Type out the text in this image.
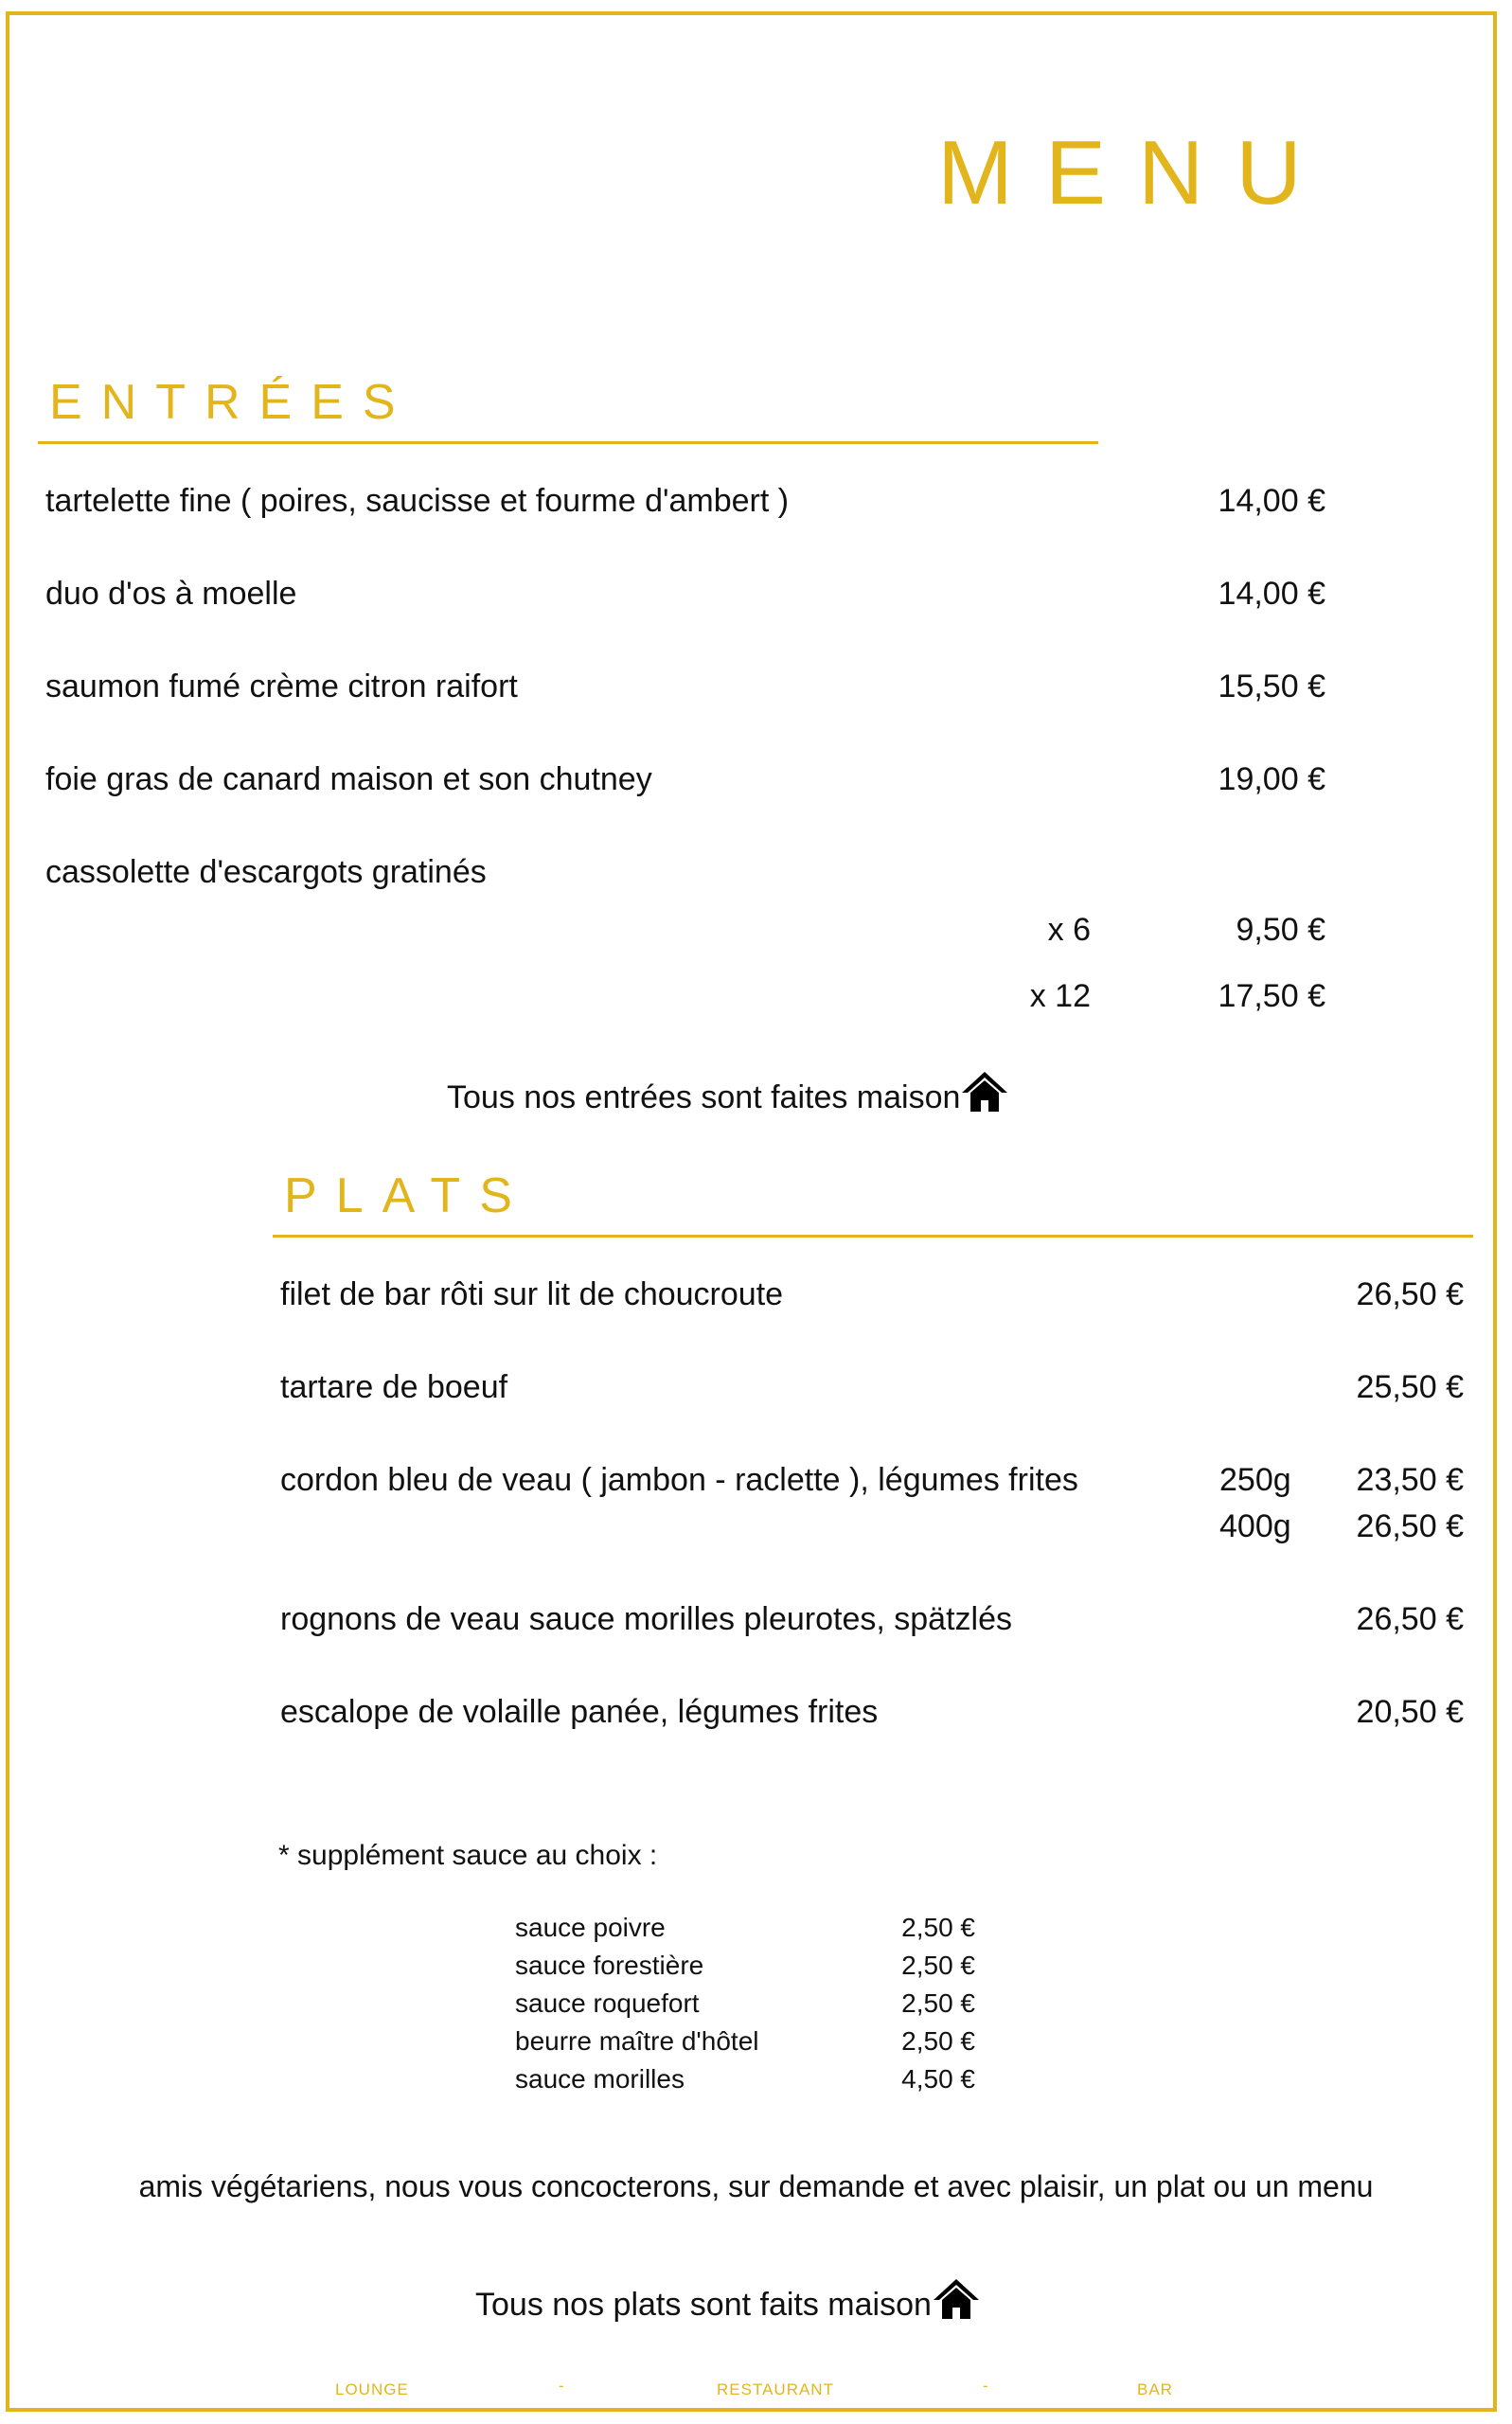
MENU
ENTRÉES
tartelette fine ( poires, saucisse et fourme d'ambert )	14,00 €
duo d'os à moelle	14,00 €
saumon fumé crème citron raifort	15,50 €
foie gras de canard maison et son chutney	19,00 €
cassolette d'escargots gratinés
x 6	9,50 €
x 12	17,50 €
Tous nos entrées sont faites maison
PLATS
filet de bar rôti sur lit de choucroute	26,50 €
tartare de boeuf	25,50 €
cordon bleu de veau ( jambon - raclette ), légumes frites	250g	23,50 €
400g	26,50 €
rognons de veau sauce morilles pleurotes, spätzlés	26,50 €
escalope de volaille panée, légumes frites	20,50 €
* supplément sauce au choix :
sauce poivre	2,50 €
sauce forestière	2,50 €
sauce roquefort	2,50 €
beurre maître d'hôtel	2,50 €
sauce morilles	4,50 €
amis végétariens, nous vous concocterons, sur demande et avec plaisir, un plat ou un menu
Tous nos plats sont faits maison
LOUNGE	-	RESTAURANT	-	BAR
